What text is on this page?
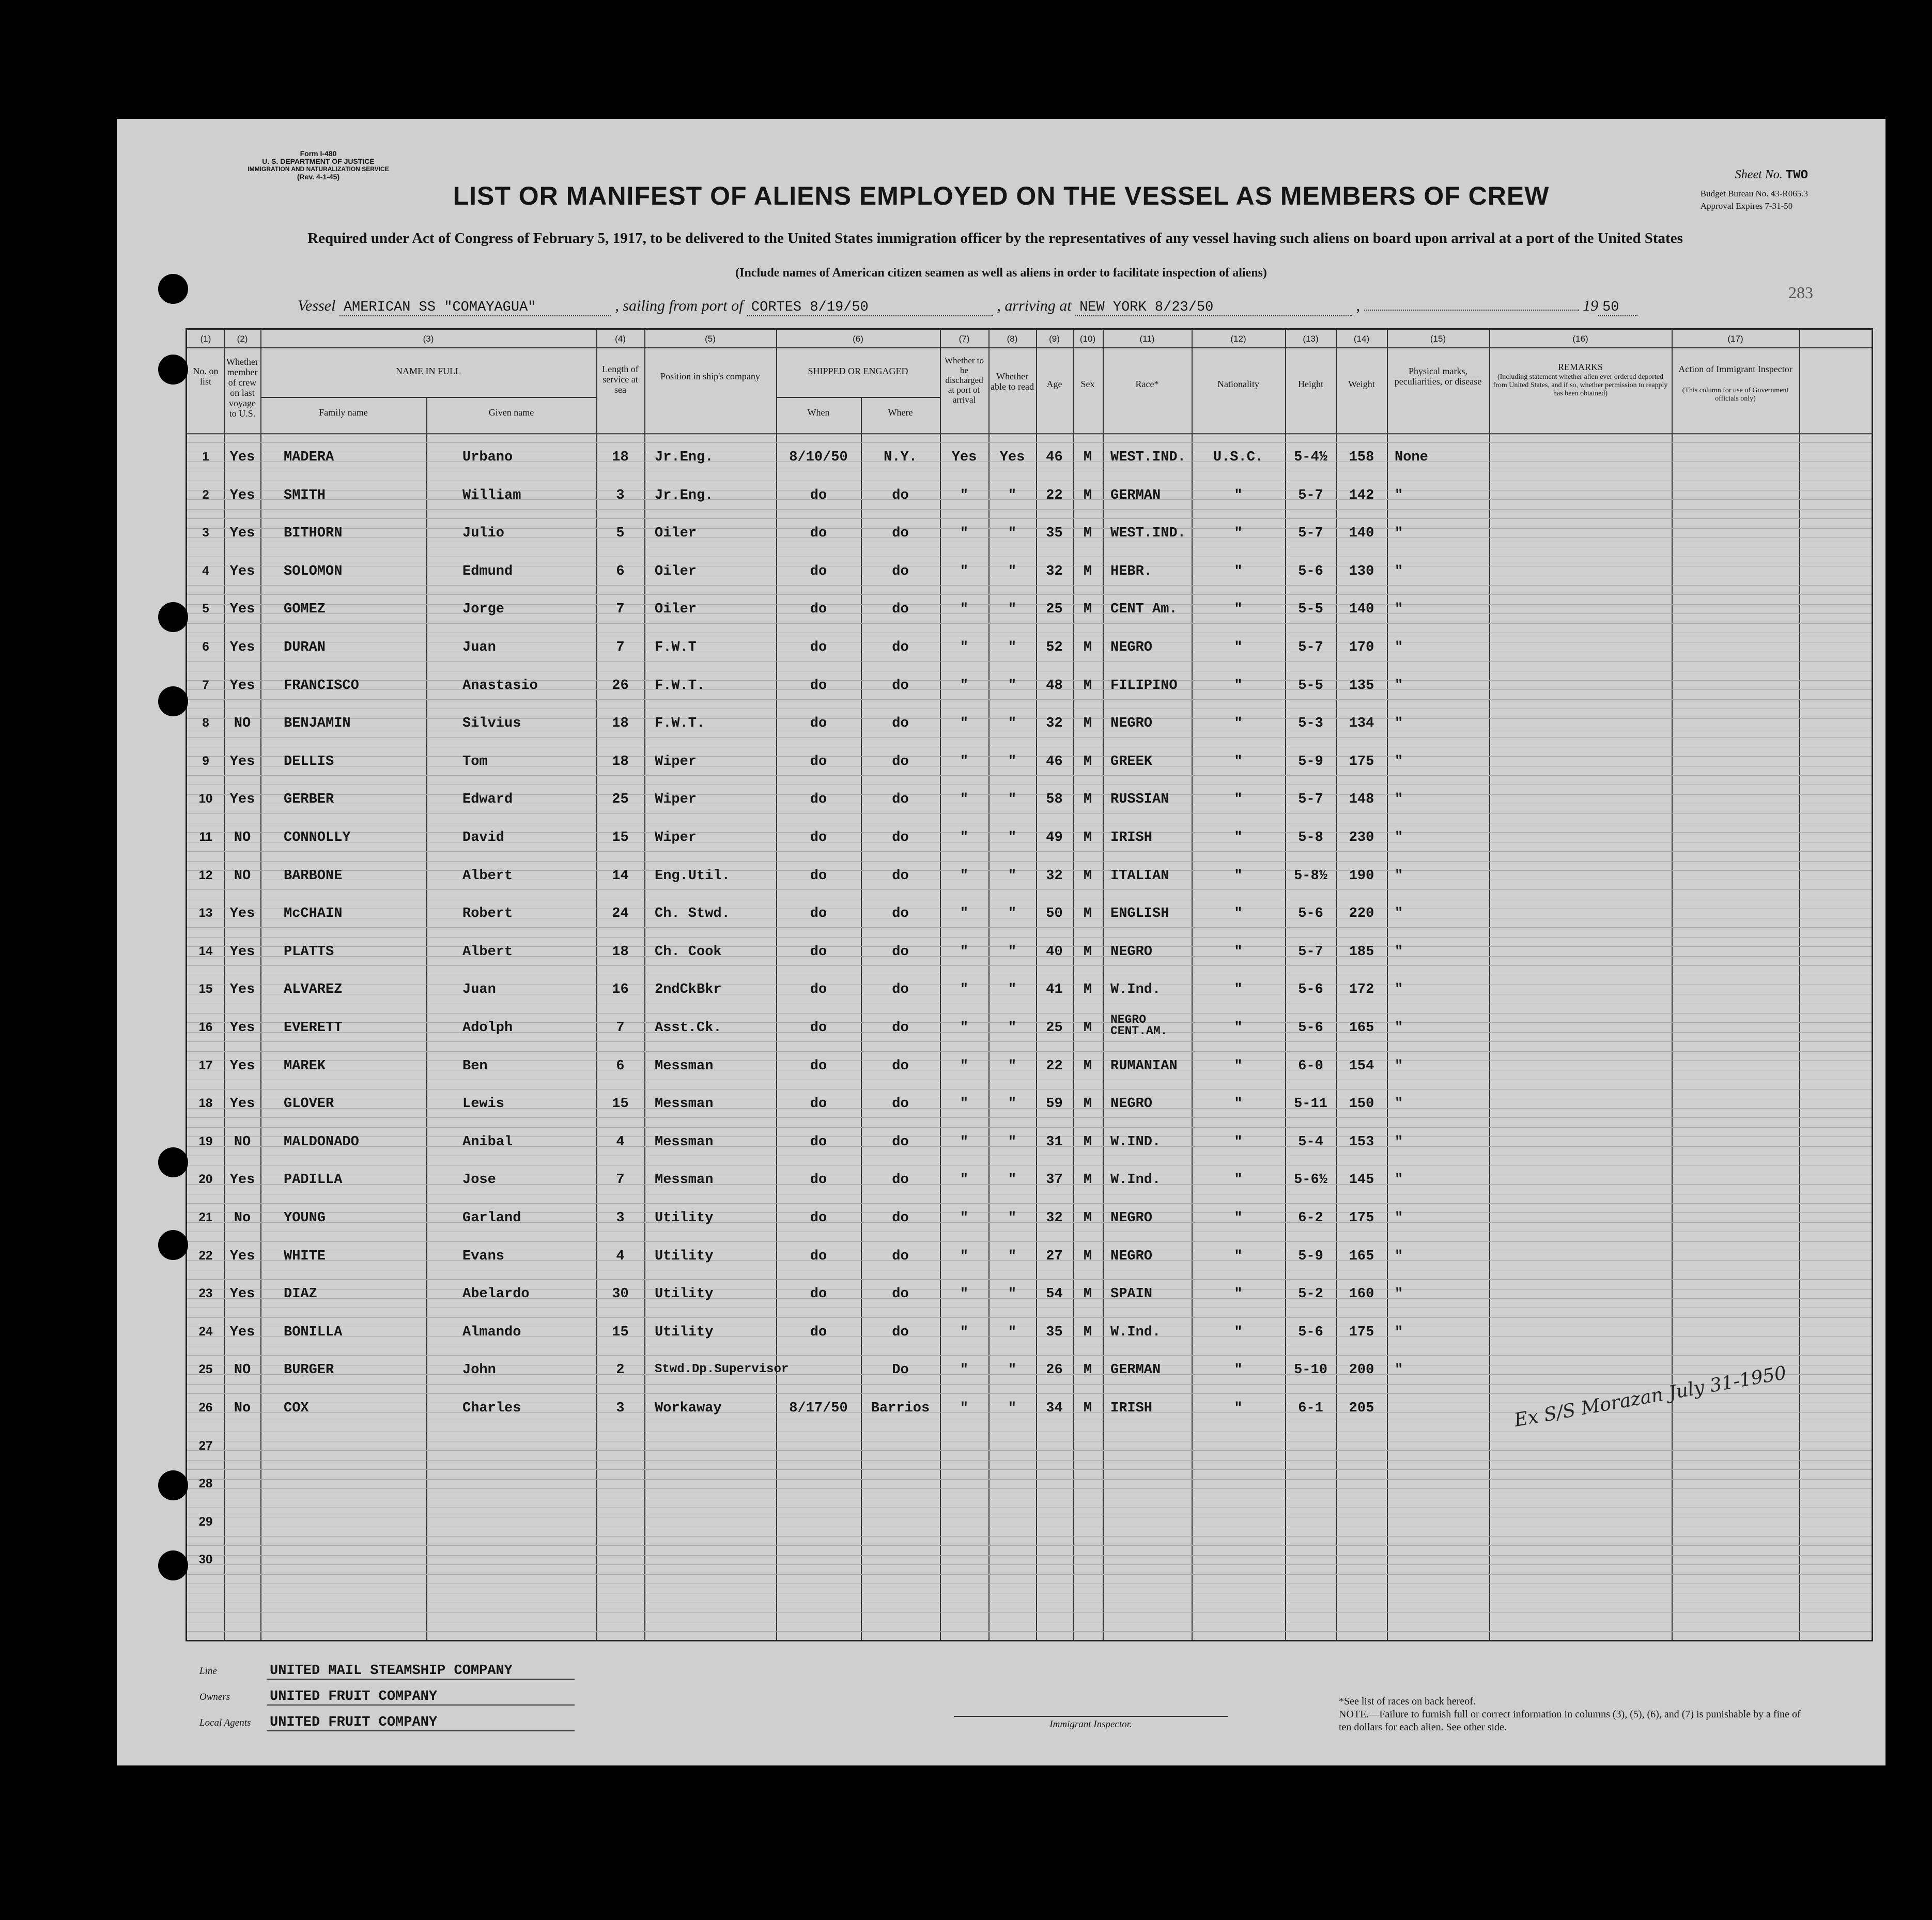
Form I-480
U. S. DEPARTMENT OF JUSTICE
IMMIGRATION AND NATURALIZATION SERVICE
(Rev. 4-1-45)	Sheet No. TWO
Budget Bureau No. 43-R065.3
Approval Expires 7-31-50
283
LIST OR MANIFEST OF ALIENS EMPLOYED ON THE VESSEL AS MEMBERS OF CREW
Required under Act of Congress of February 5, 1917, to be delivered to the United States immigration officer by the representatives of any vessel having such aliens on board upon arrival at a port of the United States
(Include names of American citizen seamen as well as aliens in order to facilitate inspection of aliens)
Vessel AMERICAN SS "COMAYAGUA"	, sailing from port of CORTES 8/19/50	, arriving at NEW YORK 8/23/50	,	19 50
(1)	(2)	(3)	(4)	(5)	(6)	(7)	(8)	(9)	(10)	(11)	(12)	(13)	(14)	(15)	(16)	(17)
No. on list
Whether member of crew on last voyage to U.S.
NAME IN FULL
Family name	Given name
Length of service at sea
Position in ship's company	SHIPPED OR ENGAGED
When	Where
Whether to be discharged at port of arrival
Whether able to read	Age	Sex	Race*	Nationality	Height	Weight
Physical marks, peculiarities, or disease
REMARKS
(Including statement whether alien ever ordered deported from United States, and if so, whether permission to reapply has been obtained)
Action of Immigrant Inspector
(This column for use of Government officials only)
1	Yes	MADERA	Urbano	18	Jr.Eng.	8/10/50	N.Y.	Yes	Yes	46	M	WEST.IND.	U.S.C.	5-4½	158	None
2	Yes	SMITH	William	3	Jr.Eng.	do	do	"	"	22	M	GERMAN	"	5-7	142	"
3	Yes	BITHORN	Julio	5	Oiler	do	do	"	"	35	M	WEST.IND.	"	5-7	140	"
4	Yes	SOLOMON	Edmund	6	Oiler	do	do	"	"	32	M	HEBR.	"	5-6	130	"
5	Yes	GOMEZ	Jorge	7	Oiler	do	do	"	"	25	M	CENT Am.	"	5-5	140	"
6	Yes	DURAN	Juan	7	F.W.T	do	do	"	"	52	M	NEGRO	"	5-7	170	"
7	Yes	FRANCISCO	Anastasio	26	F.W.T.	do	do	"	"	48	M	FILIPINO	"	5-5	135	"
8	NO	BENJAMIN	Silvius	18	F.W.T.	do	do	"	"	32	M	NEGRO	"	5-3	134	"
9	Yes	DELLIS	Tom	18	Wiper	do	do	"	"	46	M	GREEK	"	5-9	175	"
10	Yes	GERBER	Edward	25	Wiper	do	do	"	"	58	M	RUSSIAN	"	5-7	148	"
11	NO	CONNOLLY	David	15	Wiper	do	do	"	"	49	M	IRISH	"	5-8	230	"
12	NO	BARBONE	Albert	14	Eng.Util.	do	do	"	"	32	M	ITALIAN	"	5-8½	190	"
13	Yes	McCHAIN	Robert	24	Ch. Stwd.	do	do	"	"	50	M	ENGLISH	"	5-6	220	"
14	Yes	PLATTS	Albert	18	Ch. Cook	do	do	"	"	40	M	NEGRO	"	5-7	185	"
15	Yes	ALVAREZ	Juan	16	2ndCkBkr	do	do	"	"	41	M	W.Ind.	"	5-6	172	"
16	Yes	EVERETT	Adolph	7	Asst.Ck.	do	do	"	"	25	M
NEGRO CENT.AM.	"	5-6	165	"
17	Yes	MAREK	Ben	6	Messman	do	do	"	"	22	M	RUMANIAN	"	6-0	154	"
18	Yes	GLOVER	Lewis	15	Messman	do	do	"	"	59	M	NEGRO	"	5-11	150	"
19	NO	MALDONADO	Anibal	4	Messman	do	do	"	"	31	M	W.IND.	"	5-4	153	"
20	Yes	PADILLA	Jose	7	Messman	do	do	"	"	37	M	W.Ind.	"	5-6½	145	"
21	No	YOUNG	Garland	3	Utility	do	do	"	"	32	M	NEGRO	"	6-2	175	"
22	Yes	WHITE	Evans	4	Utility	do	do	"	"	27	M	NEGRO	"	5-9	165	"
23	Yes	DIAZ	Abelardo	30	Utility	do	do	"	"	54	M	SPAIN	"	5-2	160	"
24	Yes	BONILLA	Almando	15	Utility	do	do	"	"	35	M	W.Ind.	"	5-6	175	"
25	NO	BURGER	John	2	Stwd.Dp.Supervisor	Do	"	"	26	M	GERMAN	"	5-10	200	"
26	No	COX	Charles	3	Workaway	8/17/50	Barrios	"	"	34	M	IRISH	"	6-1	205	Ex S/S Morazan July 31-1950
27
28
29
30
Line	UNITED MAIL STEAMSHIP COMPANY
Owners	UNITED FRUIT COMPANY
Local Agents UNITED FRUIT COMPANY	Immigrant Inspector.
*See list of races on back hereof.
NOTE.—Failure to furnish full or correct information in columns (3), (5), (6), and (7) is punishable by a fine of ten dollars for each alien. See other side.
